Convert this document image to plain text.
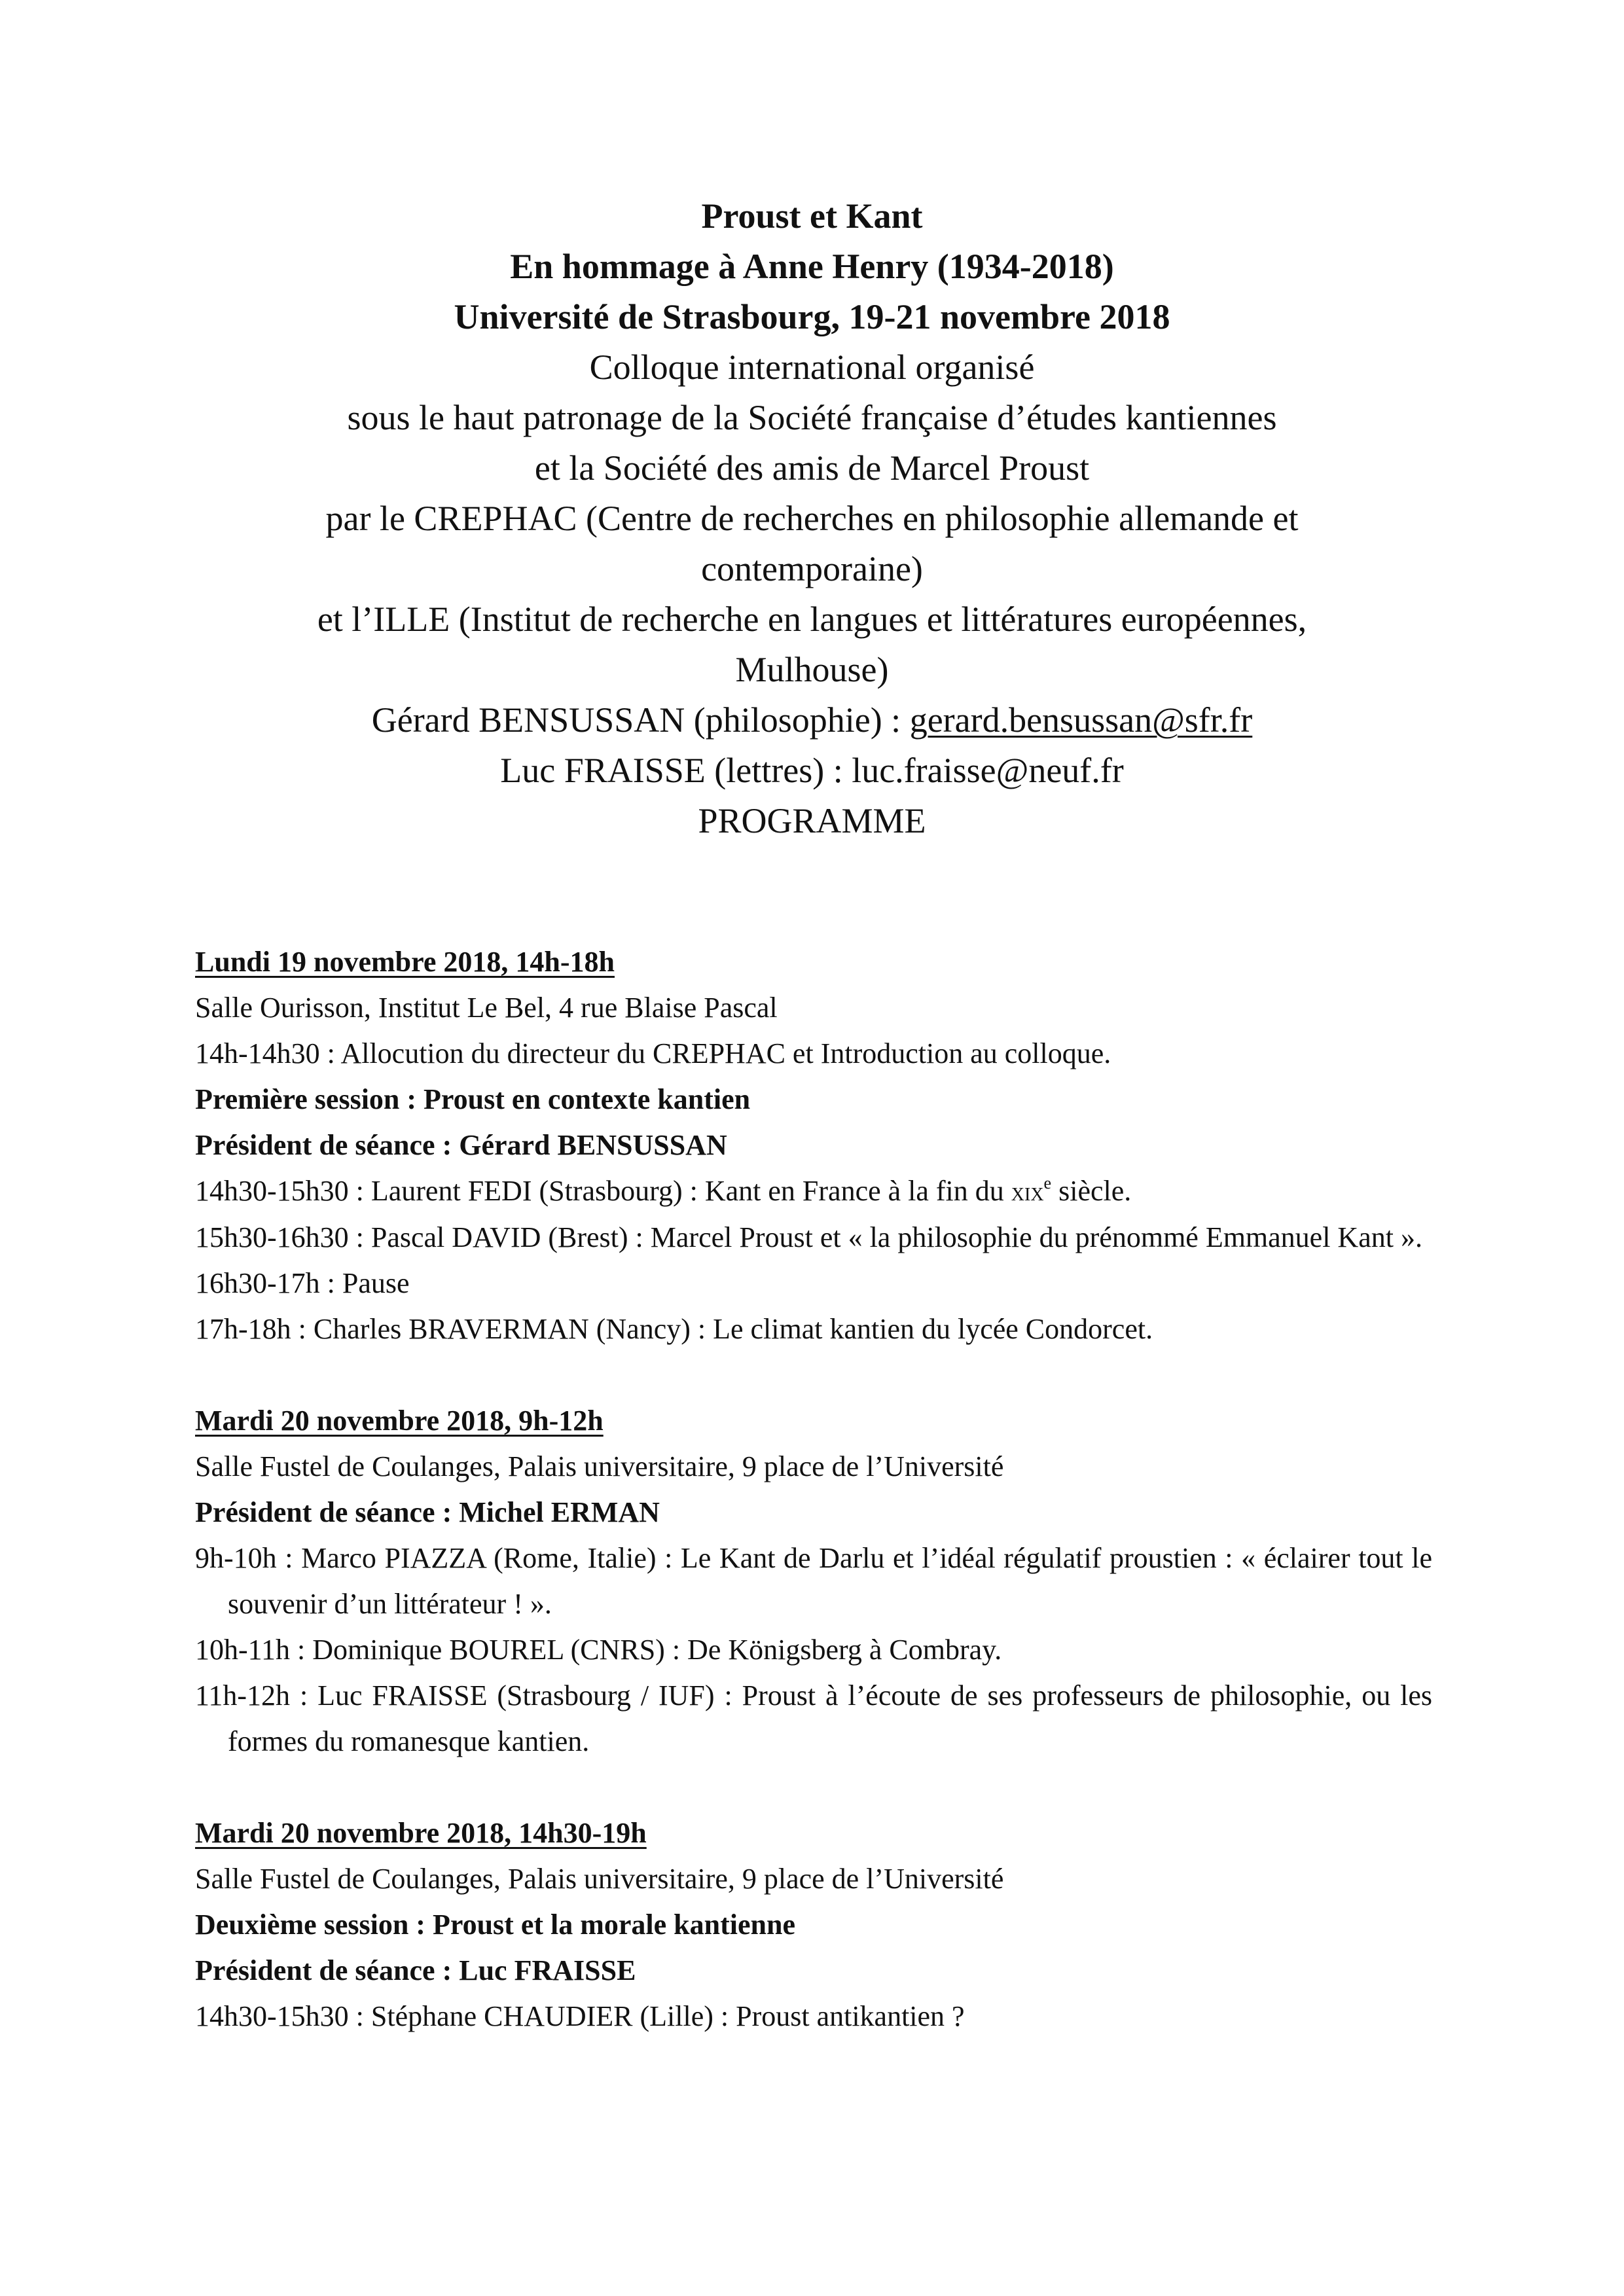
Proust et Kant
En hommage à Anne Henry (1934-2018)
Université de Strasbourg, 19-21 novembre 2018
Colloque international organisé
sous le haut patronage de la Société française d’études kantiennes
et la Société des amis de Marcel Proust
par le CREPHAC (Centre de recherches en philosophie allemande et
contemporaine)
et l’ILLE (Institut de recherche en langues et littératures européennes,
Mulhouse)
Gérard BENSUSSAN (philosophie) : gerard.bensussan@sfr.fr
Luc FRAISSE (lettres) : luc.fraisse@neuf.fr
PROGRAMME
Lundi 19 novembre 2018, 14h-18h
Salle Ourisson, Institut Le Bel, 4 rue Blaise Pascal
14h-14h30 : Allocution du directeur du CREPHAC et Introduction au colloque.
Première session : Proust en contexte kantien
Président de séance : Gérard BENSUSSAN
14h30-15h30 : Laurent FEDI (Strasbourg) : Kant en France à la fin du xix$^e$ siècle.
15h30-16h30 : Pascal DAVID (Brest) : Marcel Proust et « la philosophie du prénommé Emmanuel Kant ».
16h30-17h : Pause
17h-18h : Charles BRAVERMAN (Nancy) : Le climat kantien du lycée Condorcet.
Mardi 20 novembre 2018, 9h-12h
Salle Fustel de Coulanges, Palais universitaire, 9 place de l’Université
Président de séance : Michel ERMAN
9h-10h : Marco PIAZZA (Rome, Italie) : Le Kant de Darlu et l’idéal régulatif proustien : « éclairer tout le souvenir d’un littérateur ! ».
10h-11h : Dominique BOUREL (CNRS) : De Königsberg à Combray.
11h-12h : Luc FRAISSE (Strasbourg / IUF) : Proust à l’écoute de ses professeurs de philosophie, ou les formes du romanesque kantien.
Mardi 20 novembre 2018, 14h30-19h
Salle Fustel de Coulanges, Palais universitaire, 9 place de l’Université
Deuxième session : Proust et la morale kantienne
Président de séance : Luc FRAISSE
14h30-15h30 : Stéphane CHAUDIER (Lille) : Proust antikantien ?
